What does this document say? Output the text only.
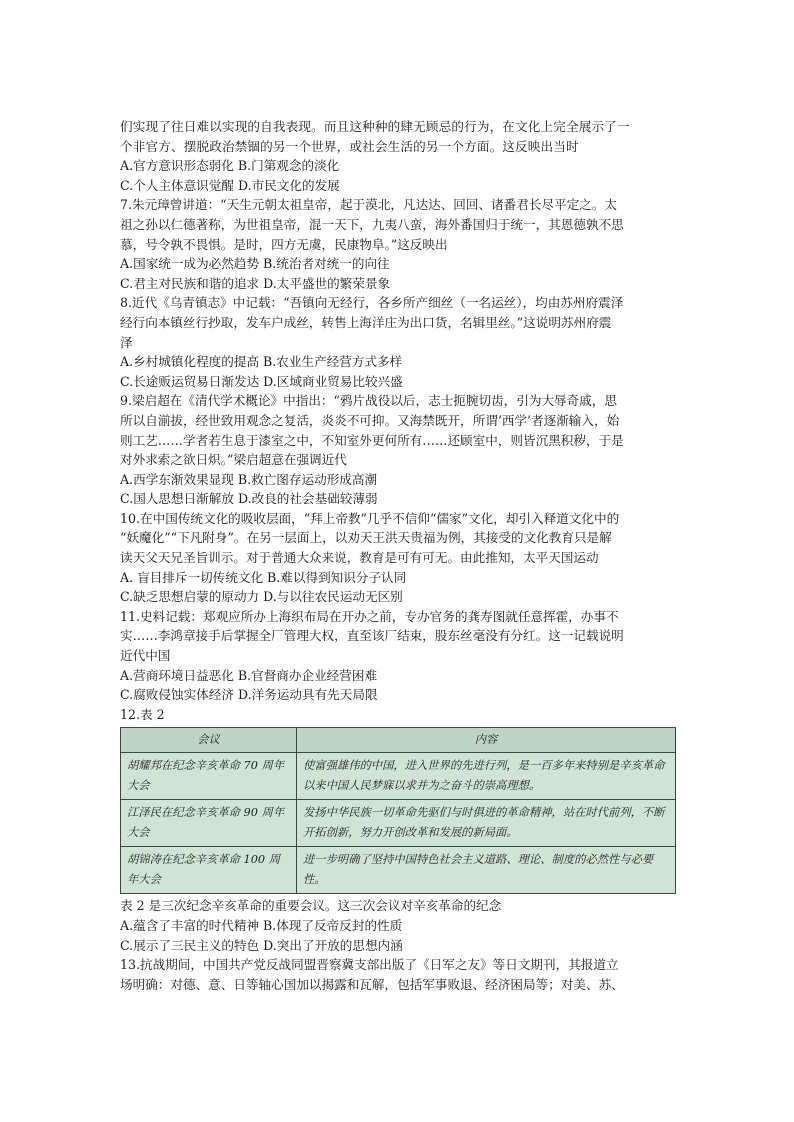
们实现了往日难以实现的自我表现。而且这种种的肆无顾忌的行为，在文化上完全展示了一
个非官方、摆脱政治禁锢的另一个世界，或社会生活的另一个方面。这反映出当时
A.官方意识形态弱化 B.门第观念的淡化
C.个人主体意识觉醒 D.市民文化的发展
7.朱元璋曾讲道：“天生元朝太祖皇帝，起于漠北，凡达达、回回、诸番君长尽平定之。太
祖之孙以仁德著称，为世祖皇帝，混一天下，九夷八蛮，海外番国归于统一，其恩德孰不思
慕，号令孰不畏惧。是时，四方无虞，民康物阜。”这反映出
A.国家统一成为必然趋势 B.统治者对统一的向往
C.君主对民族和谐的追求 D.太平盛世的繁荣景象
8.近代《乌青镇志》中记载：“吾镇向无经行，各乡所产细丝（一名运丝），均由苏州府震泽
经行向本镇丝行抄取，发车户成丝，转售上海洋庄为出口货，名辑里丝。”这说明苏州府震
泽
A.乡村城镇化程度的提高 B.农业生产经营方式多样
C.长途贩运贸易日渐发达 D.区域商业贸易比较兴盛
9.梁启超在《清代学术概论》中指出：“鸦片战役以后，志士扼腕切齿，引为大辱奇戚，思
所以自湔拔，经世致用观念之复活，炎炎不可抑。又海禁既开，所谓‘西学’者逐渐输入，始
则工艺……学者若生息于漆室之中，不知室外更何所有……还顾室中，则皆沉黑积秽，于是
对外求索之欲日炽。”梁启超意在强调近代
A.西学东渐效果显现 B.救亡图存运动形成高潮
C.国人思想日渐解放 D.改良的社会基础较薄弱
10.在中国传统文化的吸收层面，“拜上帝教”几乎不信仰“儒家”文化，却引入释道文化中的
“妖魔化”“下凡附身”。在另一层面上，以劝天王洪天贵福为例，其接受的文化教育只是解
读天父天兄圣旨训示。对于普通大众来说，教育是可有可无。由此推知，太平天国运动
A. 盲目排斥一切传统文化 B.难以得到知识分子认同
C.缺乏思想启蒙的原动力 D.与以往农民运动无区别
11.史料记载：郑观应所办上海织布局在开办之前，专办官务的龚寿图就任意挥霍，办事不
实……李鸿章接手后掌握全厂管理大权，直至该厂结束，股东丝毫没有分红。这一记载说明
近代中国
A.营商环境日益恶化 B.官督商办企业经营困难
C.腐败侵蚀实体经济 D.洋务运动具有先天局限
12.表 2
会议	内容
胡耀邦在纪念辛亥革命 70 周年大会	使富强雄伟的中国，进入世界的先进行列，是一百多年来特别是辛亥革命以来中国人民梦寐以求并为之奋斗的崇高理想。
江泽民在纪念辛亥革命 90 周年大会	发扬中华民族一切革命先驱们与时俱进的革命精神，站在时代前列，不断开拓创新，努力开创改革和发展的新局面。
胡锦涛在纪念辛亥革命 100 周年大会	进一步明确了坚持中国特色社会主义道路、理论、制度的必然性与必要性。
表 2 是三次纪念辛亥革命的重要会议。这三次会议对辛亥革命的纪念
A.蕴含了丰富的时代精神 B.体现了反帝反封的性质
C.展示了三民主义的特色 D.突出了开放的思想内涵
13.抗战期间，中国共产党反战同盟晋察冀支部出版了《日军之友》等日文期刊，其报道立
场明确：对德、意、日等轴心国加以揭露和瓦解，包括军事败退、经济困局等；对美、苏、
